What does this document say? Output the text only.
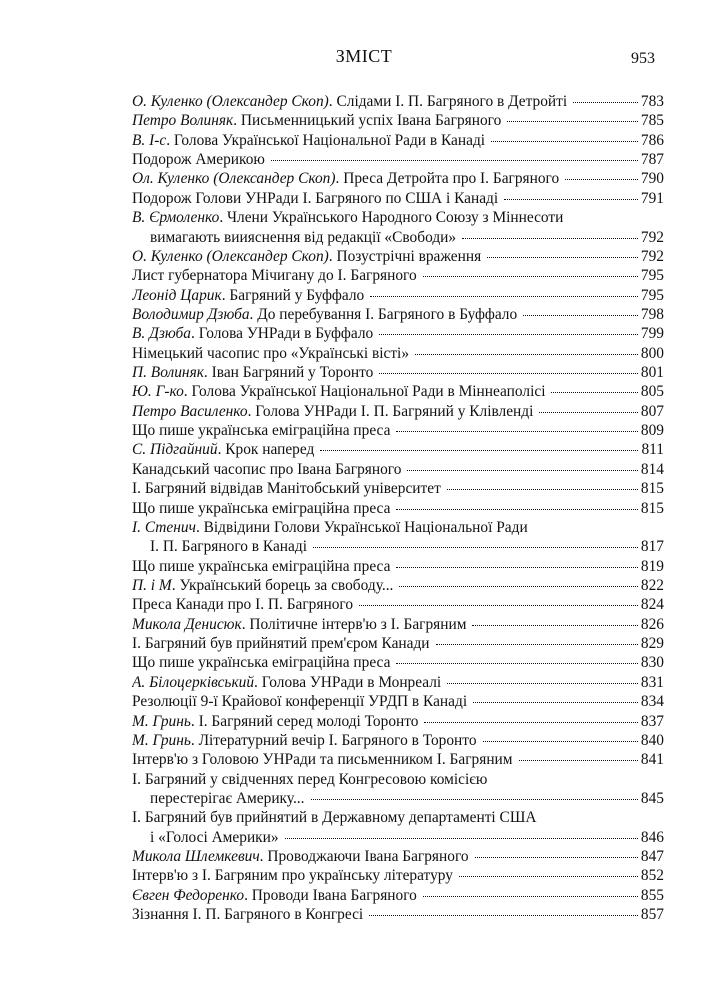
ЗМІСТ	953
О. Куленко (Олександер Скоп). Слідами І. П. Багряного в Детройті	783
Петро Волиняк. Письменницький успіх Івана Багряного	785
В. І-с. Голова Української Національної Ради в Канаді	786
Подорож Америкою	787
Ол. Куленко (Олександер Скоп). Преса Детройта про І. Багряного	790
Подорож Голови УНРади І. Багряного по США і Канаді	791
В. Єрмоленко. Члени Українського Народного Союзу з Міннесоти
вимагають виияснення від редакції «Свободи»	792
О. Куленко (Олександер Скоп). Позустрічні враження	792
Лист губернатора Мічигану до І. Багряного	795
Леонід Царик. Багряний у Буффало	795
Володимир Дзюба. До перебування І. Багряного в Буффало	798
В. Дзюба. Голова УНРади в Буффало	799
Німецький часопис про «Українські вісті»	800
П. Волиняк. Іван Багряний у Торонто	801
Ю. Г-ко. Голова Української Національної Ради в Міннеаполісі	805
Петро Василенко. Голова УНРади І. П. Багряний у Клівленді	807
Що пише українська еміграційна преса	809
С. Підгайний. Крок наперед	811
Канадський часопис про Івана Багряного	814
І. Багряний відвідав Манітобський університет	815
Що пише українська еміграційна преса	815
І. Стенич. Відвідини Голови Української Національної Ради
І. П. Багряного в Канаді	817
Що пише українська еміграційна преса	819
П. і М. Український борець за свободу...	822
Преса Канади про І. П. Багряного	824
Микола Денисюк. Політичне інтерв'ю з І. Багряним	826
І. Багряний був прийнятий прем'єром Канади	829
Що пише українська еміграційна преса	830
А. Білоцерківський. Голова УНРади в Монреалі	831
Резолюції 9-ї Крайової конференції УРДП в Канаді	834
М. Гринь. І. Багряний серед молоді Торонто	837
М. Гринь. Літературний вечір І. Багряного в Торонто	840
Інтерв'ю з Головою УНРади та письменником І. Багряним	841
І. Багряний у свідченнях перед Конгресовою комісією
перестерігає Америку...	845
І. Багряний був прийнятий в Державному департаменті США
і «Голосі Америки»	846
Микола Шлемкевич. Проводжаючи Івана Багряного	847
Інтерв'ю з І. Багряним про українську літературу	852
Євген Федоренко. Проводи Івана Багряного	855
Зізнання І. П. Багряного в Конгресі	857
